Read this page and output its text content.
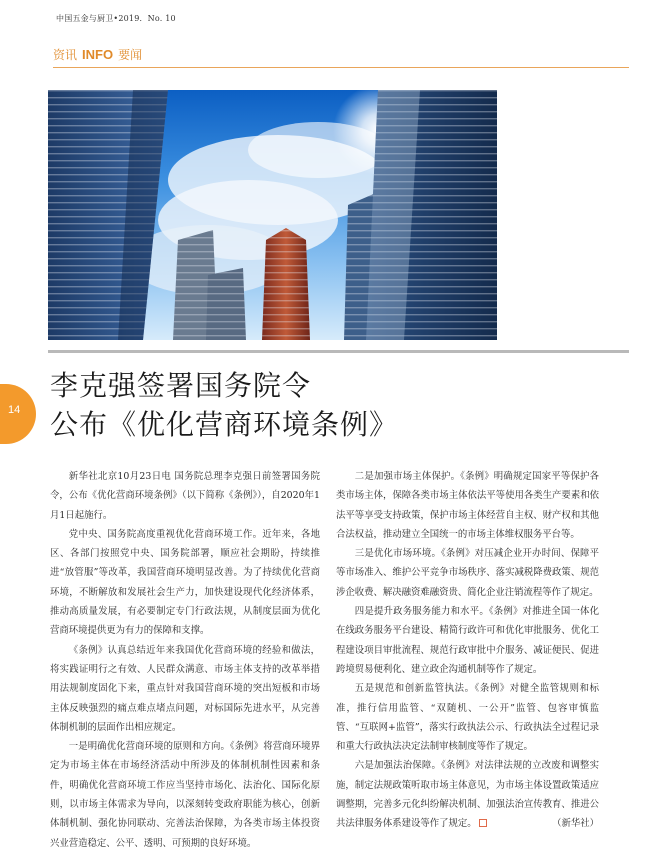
中国五金与厨卫•2019．No. 10
资讯 INFO 要闻
14
李克强签署国务院令
公布《优化营商环境条例》

新华社北京10月23日电 国务院总理李克强日前签署国务院令，公布《优化营商环境条例》（以下简称《条例》），自2020年1月1日起施行。

党中央、国务院高度重视优化营商环境工作。近年来，各地区、各部门按照党中央、国务院部署，顺应社会期盼，持续推进“放管服”等改革，我国营商环境明显改善。为了持续优化营商环境，不断解放和发展社会生产力，加快建设现代化经济体系，推动高质量发展，有必要制定专门行政法规，从制度层面为优化营商环境提供更为有力的保障和支撑。

《条例》认真总结近年来我国优化营商环境的经验和做法，将实践证明行之有效、人民群众满意、市场主体支持的改革举措用法规制度固化下来，重点针对我国营商环境的突出短板和市场主体反映强烈的痛点难点堵点问题，对标国际先进水平，从完善体制机制的层面作出相应规定。

一是明确优化营商环境的原则和方向。《条例》将营商环境界定为市场主体在市场经济活动中所涉及的体制机制性因素和条件，明确优化营商环境工作应当坚持市场化、法治化、国际化原则，以市场主体需求为导向，以深刻转变政府职能为核心，创新体制机制、强化协同联动、完善法治保障，为各类市场主体投资兴业营造稳定、公平、透明、可预期的良好环境。

二是加强市场主体保护。《条例》明确规定国家平等保护各类市场主体，保障各类市场主体依法平等使用各类生产要素和依法平等享受支持政策，保护市场主体经营自主权、财产权和其他合法权益，推动建立全国统一的市场主体维权服务平台等。

三是优化市场环境。《条例》对压减企业开办时间、保障平等市场准入、维护公平竞争市场秩序、落实减税降费政策、规范涉企收费、解决融资难融资贵、简化企业注销流程等作了规定。

四是提升政务服务能力和水平。《条例》对推进全国一体化在线政务服务平台建设、精简行政许可和优化审批服务、优化工程建设项目审批流程、规范行政审批中介服务、减证便民、促进跨境贸易便利化、建立政企沟通机制等作了规定。

五是规范和创新监管执法。《条例》对健全监管规则和标准，推行信用监管、“双随机、一公开”监管、包容审慎监管、“互联网+监管”，落实行政执法公示、行政执法全过程记录和重大行政执法决定法制审核制度等作了规定。

六是加强法治保障。《条例》对法律法规的立改废和调整实施，制定法规政策听取市场主体意见，为市场主体设置政策适应调整期，完善多元化纠纷解决机制、加强法治宣传教育、推进公共法律服务体系建设等作了规定。	（新华社）
